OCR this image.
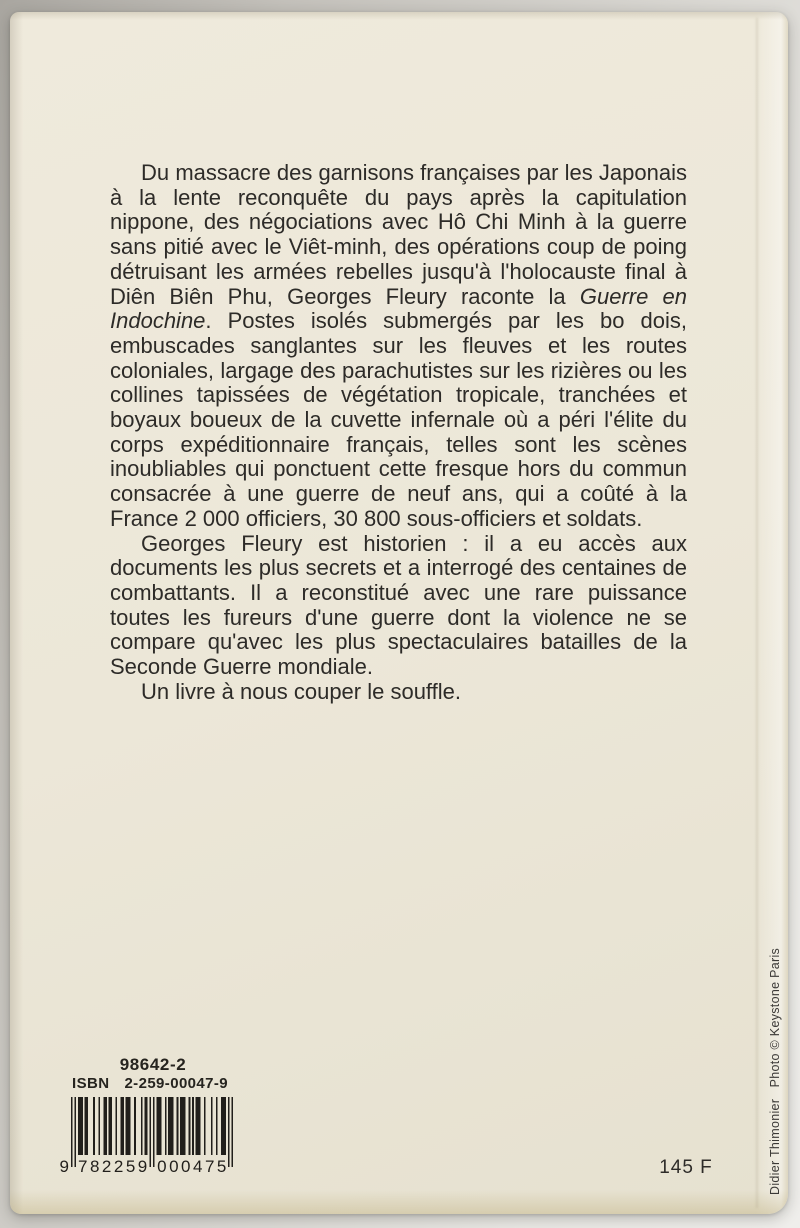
Du massacre des garnisons françaises par les Japonais à la lente reconquête du pays après la capitulation nippone, des négociations avec Hô Chi Minh à la guerre sans pitié avec le Viêt-minh, des opérations coup de poing détruisant les armées rebelles jusqu'à l'holocauste final à Diên Biên Phu, Georges Fleury raconte la Guerre en Indochine. Postes isolés submergés par les bo dois, embuscades sanglantes sur les fleuves et les routes coloniales, largage des parachutistes sur les rizières ou les collines tapissées de végétation tropicale, tranchées et boyaux boueux de la cuvette infernale où a péri l'élite du corps expéditionnaire français, telles sont les scènes inoubliables qui ponctuent cette fresque hors du commun consacrée à une guerre de neuf ans, qui a coûté à la France 2 000 officiers, 30 800 sous-officiers et soldats.

Georges Fleury est historien : il a eu accès aux documents les plus secrets et a interrogé des centaines de combattants. Il a reconstitué avec une rare puissance toutes les fureurs d'une guerre dont la violence ne se compare qu'avec les plus spectaculaires batailles de la Seconde Guerre mondiale.

Un livre à nous couper le souffle.

98642-2
ISBN 2-259-00047-9
9 782259 000475	145 F	Didier Thimonier   Photo © Keystone Paris
